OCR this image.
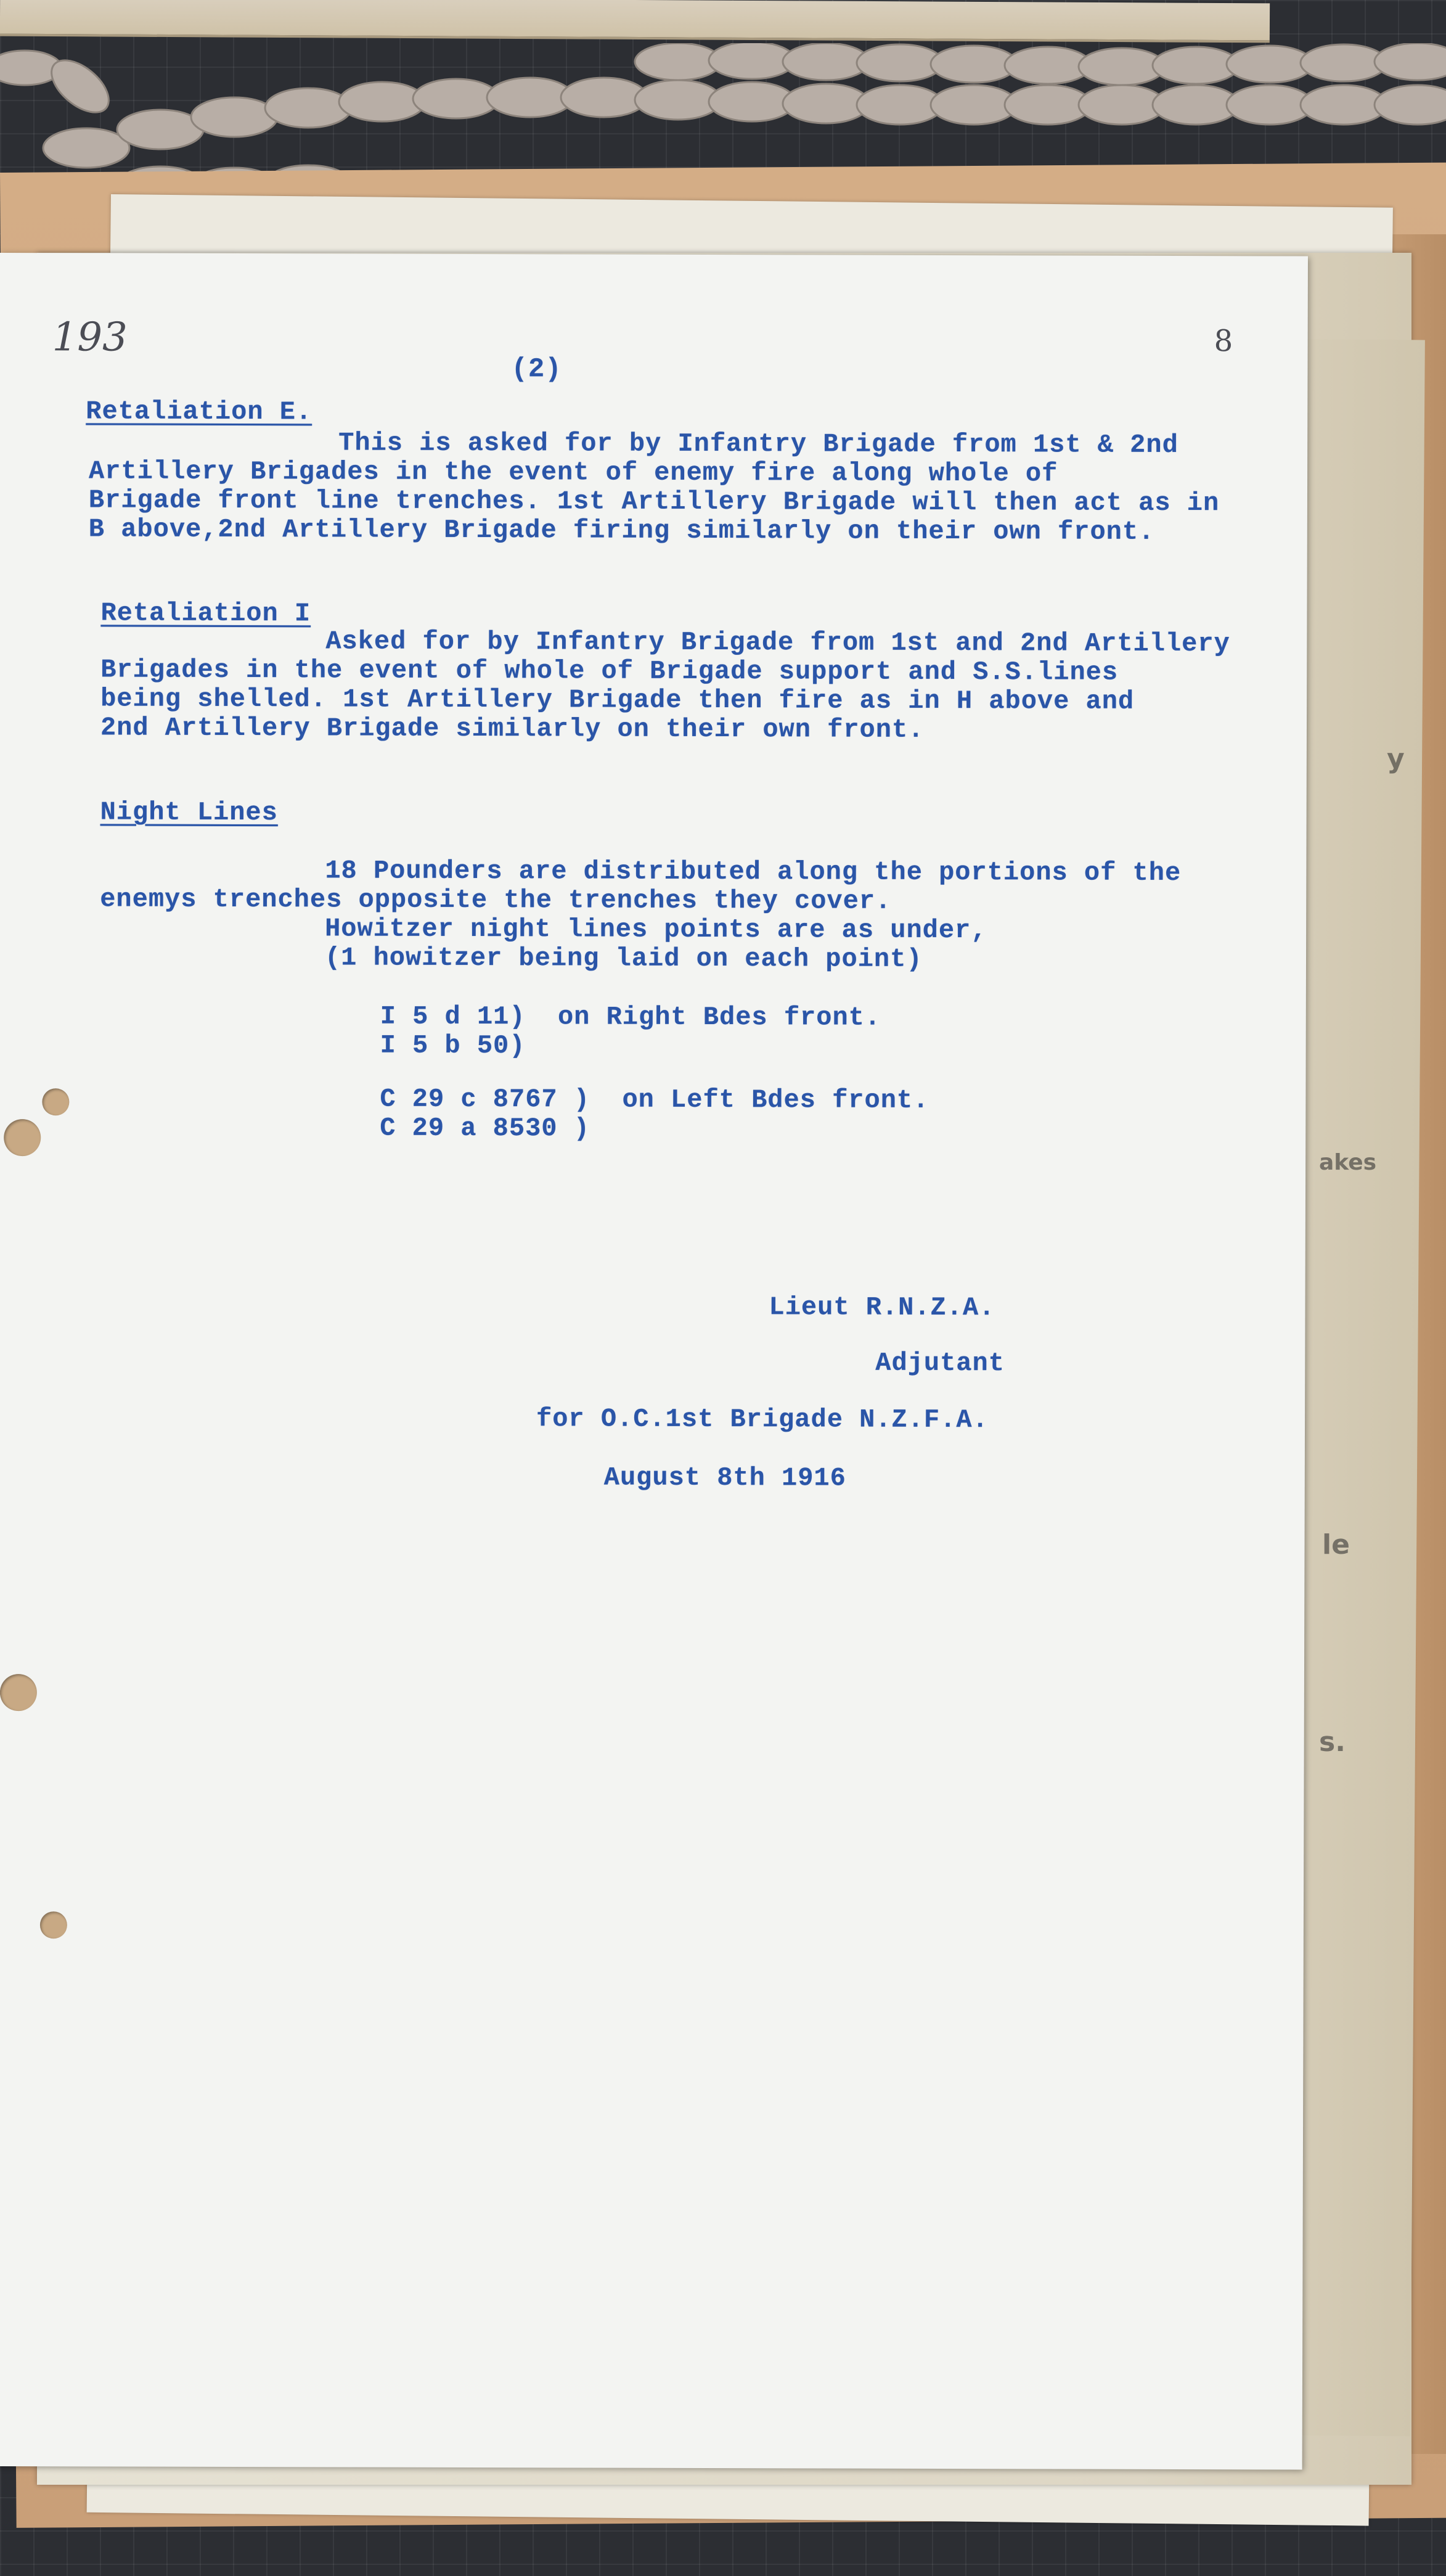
y
akes
le
s.
193	8
(2)
Retaliation E.
This is asked for by Infantry Brigade from 1st & 2nd
Artillery Brigades in the event of enemy fire along whole of
Brigade front line trenches. 1st Artillery Brigade will then act as in
B above,2nd Artillery Brigade firing similarly on their own front.
Retaliation I
Asked for by Infantry Brigade from 1st and 2nd Artillery
Brigades in the event of whole of Brigade support and S.S.lines
being shelled. 1st Artillery Brigade then fire as in H above and
2nd Artillery Brigade similarly on their own front.
Night Lines
18 Pounders are distributed along the portions of the
enemys trenches opposite the trenches they cover.
Howitzer night lines points are as under,
(1 howitzer being laid on each point)
I 5 d 11)  on Right Bdes front.
I 5 b 50)
C 29 c 8767 )  on Left Bdes front.
C 29 a 8530 )
Lieut R.N.Z.A.
Adjutant
for O.C.1st Brigade N.Z.F.A.
August 8th 1916
